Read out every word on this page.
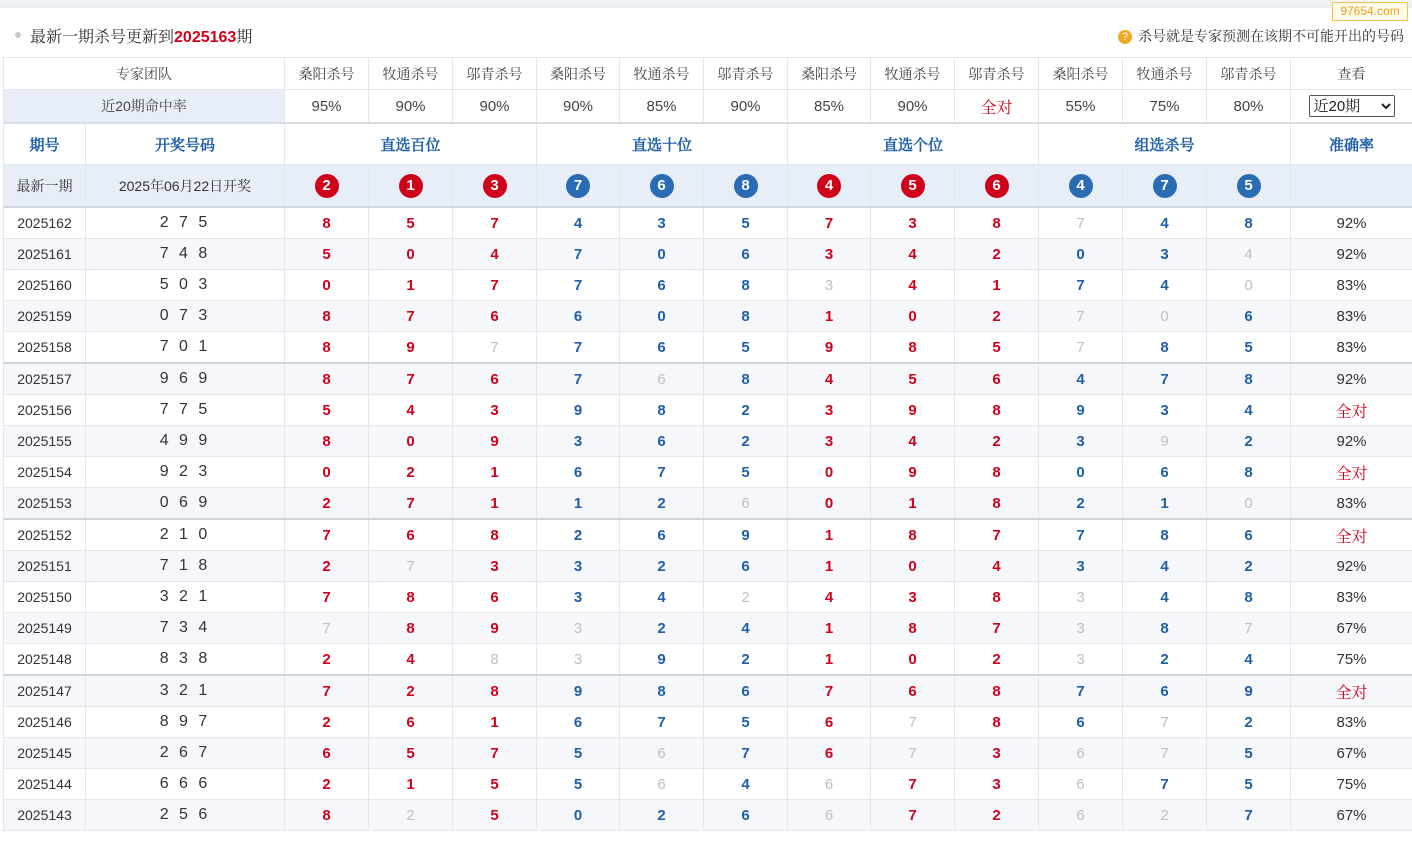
97654.com
最新一期杀号更新到2025163期	? 杀号就是专家预测在该期不可能开出的号码
专家团队		桑阳杀号	牧通杀号	邬青杀号	桑阳杀号	牧通杀号	邬青杀号	桑阳杀号	牧通杀号	邬青杀号	桑阳杀号	牧通杀号	邬青杀号	查看
近20期命中率		95%	90%	90%	90%	85%	90%	85%	90%	全对	55%	75%	80%	
近20期
期号	开奖号码	直选百位			直选十位			直选个位			组选杀号			准确率
最新一期	2025年06月22日开奖	2	1	3	7	6	8	4	5	6	4	7	5	
2025162	2 7 5	8	5	7	4	3	5	7	3	8	7	4	8	92%
2025161	7 4 8	5	0	4	7	0	6	3	4	2	0	3	4	92%
2025160	5 0 3	0	1	7	7	6	8	3	4	1	7	4	0	83%
2025159	0 7 3	8	7	6	6	0	8	1	0	2	7	0	6	83%
2025158	7 0 1	8	9	7	7	6	5	9	8	5	7	8	5	83%
2025157	9 6 9	8	7	6	7	6	8	4	5	6	4	7	8	92%
2025156	7 7 5	5	4	3	9	8	2	3	9	8	9	3	4	全对
2025155	4 9 9	8	0	9	3	6	2	3	4	2	3	9	2	92%
2025154	9 2 3	0	2	1	6	7	5	0	9	8	0	6	8	全对
2025153	0 6 9	2	7	1	1	2	6	0	1	8	2	1	0	83%
2025152	2 1 0	7	6	8	2	6	9	1	8	7	7	8	6	全对
2025151	7 1 8	2	7	3	3	2	6	1	0	4	3	4	2	92%
2025150	3 2 1	7	8	6	3	4	2	4	3	8	3	4	8	83%
2025149	7 3 4	7	8	9	3	2	4	1	8	7	3	8	7	67%
2025148	8 3 8	2	4	8	3	9	2	1	0	2	3	2	4	75%
2025147	3 2 1	7	2	8	9	8	6	7	6	8	7	6	9	全对
2025146	8 9 7	2	6	1	6	7	5	6	7	8	6	7	2	83%
2025145	2 6 7	6	5	7	5	6	7	6	7	3	6	7	5	67%
2025144	6 6 6	2	1	5	5	6	4	6	7	3	6	7	5	75%
2025143	2 5 6	8	2	5	0	2	6	6	7	2	6	2	7	67%
